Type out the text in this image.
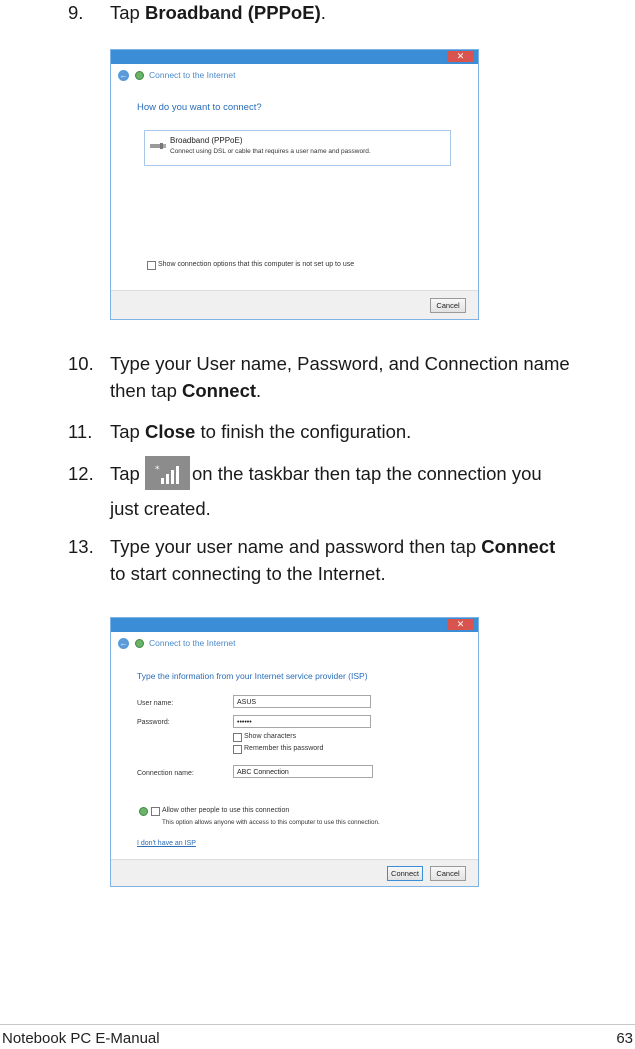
9. Tap Broadband (PPPoE).
✕
←	Connect to the Internet
How do you want to connect?
Broadband (PPPoE)
Connect using DSL or cable that requires a user name and password.
Show connection options that this computer is not set up to use
Cancel
10. Type your User name, Password, and Connection name
then tap Connect.
11. Tap Close to finish the configuration.
12. Tap	on the taskbar then tap the connection you
*
just created.
13. Type your user name and password then tap Connect
to start connecting to the Internet.
✕
←	Connect to the Internet
Type the information from your Internet service provider (ISP)
User name:	ASUS
Password:	••••••
Show characters
Remember this password
Connection name:	ABC Connection
Allow other people to use this connection
This option allows anyone with access to this computer to use this connection.
I don't have an ISP
Connect	Cancel
Notebook PC E-Manual	63
